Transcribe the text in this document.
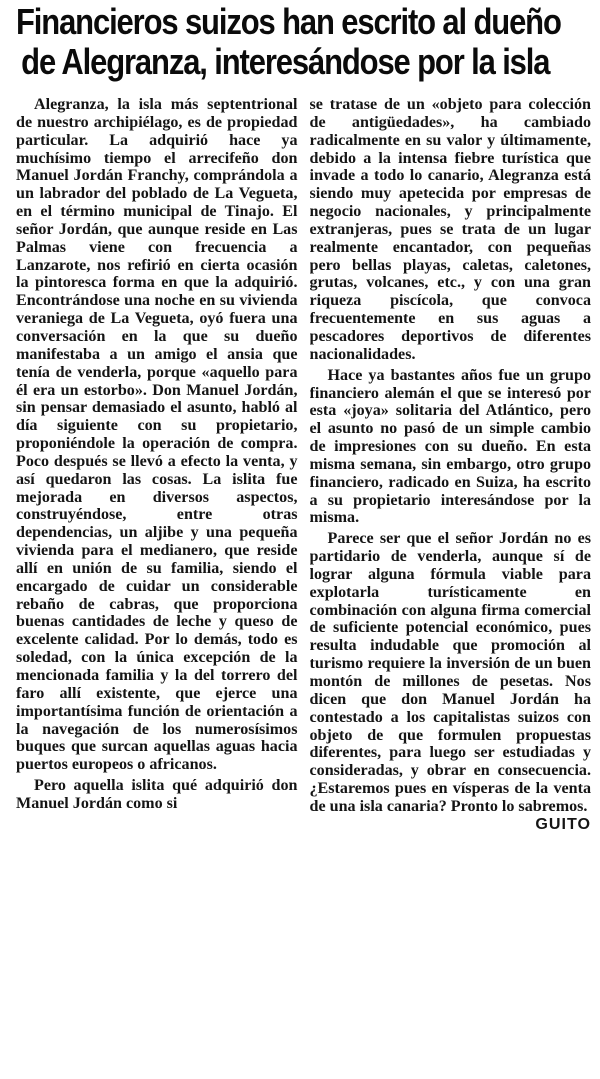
Financieros suizos han escrito al dueño
de Alegranza, interesándose por la isla

Alegranza, la isla más septentrional de nuestro archipiélago, es de propiedad particular. La adquirió hace ya muchísimo tiempo el arrecifeño don Manuel Jordán Franchy, comprándola a un labrador del poblado de La Vegueta, en el término municipal de Tinajo. El señor Jordán, que aunque reside en Las Palmas viene con frecuencia a Lanzarote, nos refirió en cierta ocasión la pintoresca forma en que la adquirió. Encontrándose una noche en su vivienda veraniega de La Vegueta, oyó fuera una conversación en la que su dueño manifestaba a un amigo el ansia que tenía de venderla, porque «aquello para él era un estorbo». Don Manuel Jordán, sin pensar demasiado el asunto, habló al día siguiente con su propietario, proponiéndole la operación de compra. Poco después se llevó a efecto la venta, y así quedaron las cosas. La islita fue mejorada en diversos aspectos, construyéndose, entre otras dependencias, un aljibe y una pequeña vivienda para el medianero, que reside allí en unión de su familia, siendo el encargado de cuidar un considerable rebaño de cabras, que proporciona buenas cantidades de leche y queso de excelente calidad. Por lo demás, todo es soledad, con la única excepción de la mencionada familia y la del torrero del faro allí existente, que ejerce una importantísima función de orientación a la navegación de los numerosísimos buques que surcan aquellas aguas hacia puertos europeos o africanos.

Pero aquella islita qué adquirió don Manuel Jordán como si

se tratase de un «objeto para colección de antigüedades», ha cambiado radicalmente en su valor y últimamente, debido a la intensa fiebre turística que invade a todo lo canario, Alegranza está siendo muy apetecida por empresas de negocio nacionales, y principalmente extranjeras, pues se trata de un lugar realmente encantador, con pequeñas pero bellas playas, caletas, caletones, grutas, volcanes, etc., y con una gran riqueza piscícola, que convoca frecuentemente en sus aguas a pescadores deportivos de diferentes nacionalidades.

Hace ya bastantes años fue un grupo financiero alemán el que se interesó por esta «joya» solitaria del Atlántico, pero el asunto no pasó de un simple cambio de impresiones con su dueño. En esta misma semana, sin embargo, otro grupo financiero, radicado en Suiza, ha escrito a su propietario interesándose por la misma.

Parece ser que el señor Jordán no es partidario de venderla, aunque sí de lograr alguna fórmula viable para explotarla turísticamente en combinación con alguna firma comercial de suficiente potencial económico, pues resulta indudable que promoción al turismo requiere la inversión de un buen montón de millones de pesetas. Nos dicen que don Manuel Jordán ha contestado a los capitalistas suizos con objeto de que formulen propuestas diferentes, para luego ser estudiadas y consideradas, y obrar en consecuencia. ¿Estaremos pues en vísperas de la venta de una isla canaria? Pronto lo sabremos.

GUITO
